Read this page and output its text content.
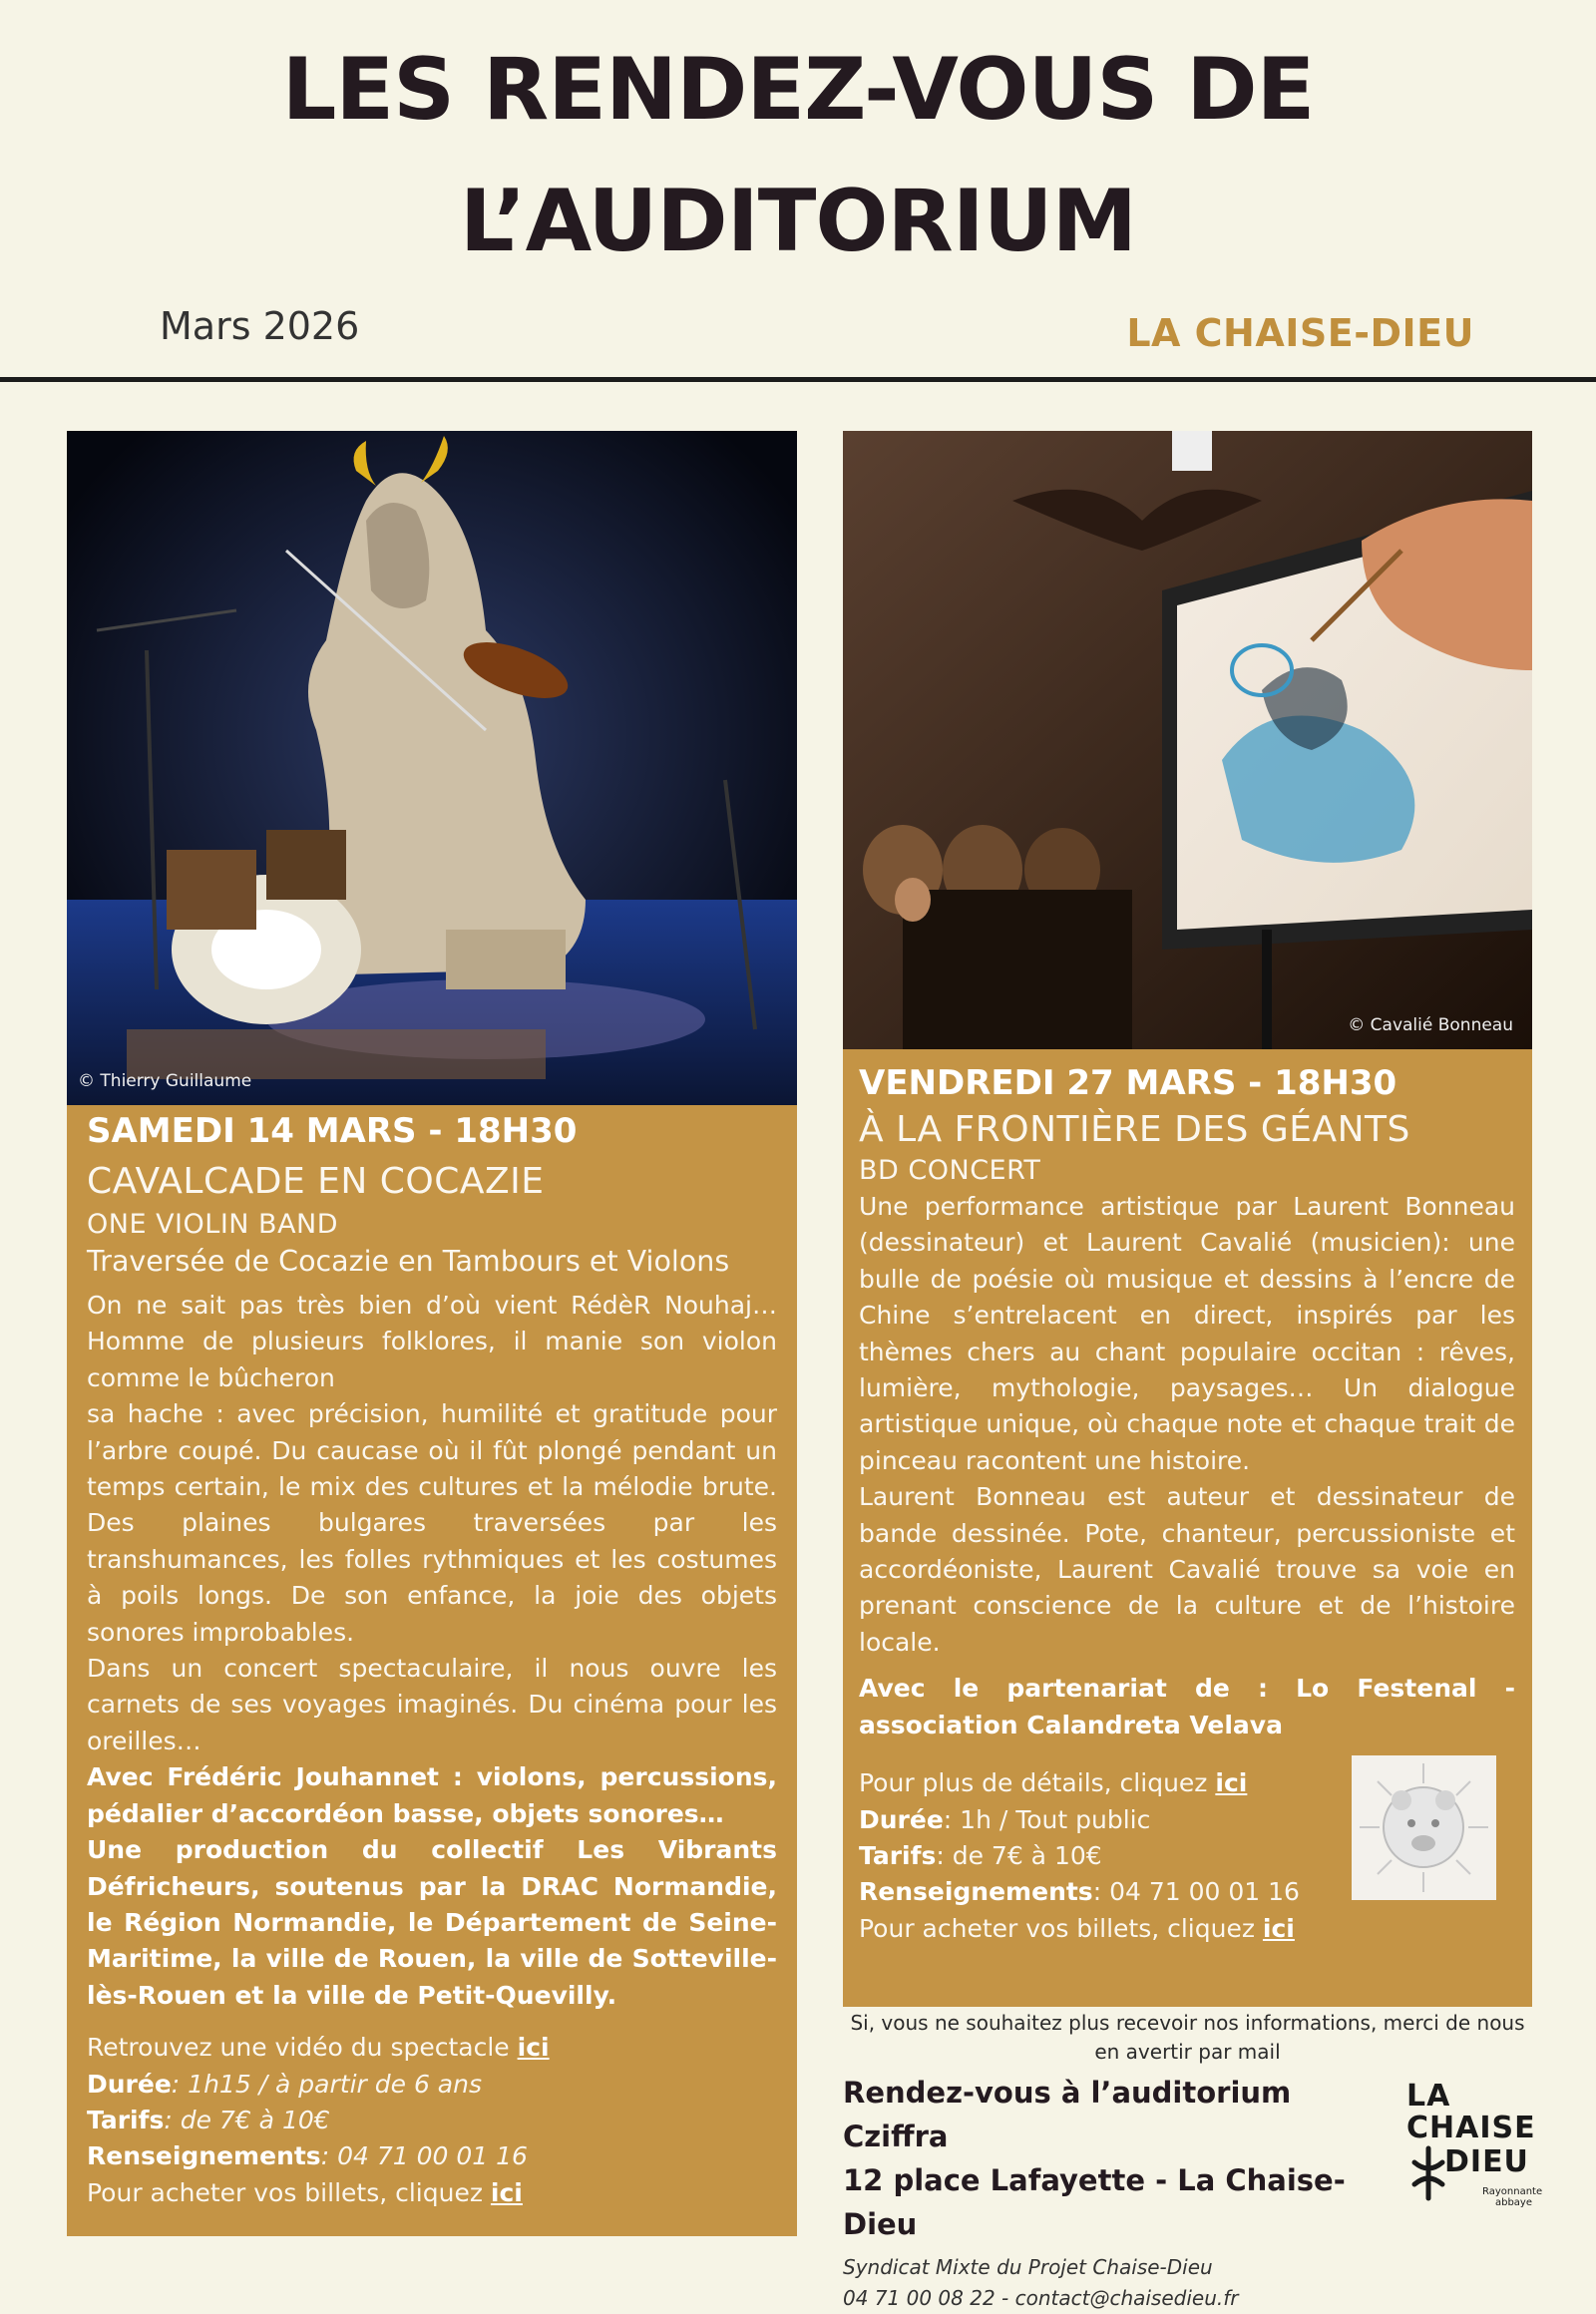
LES RENDEZ-VOUS DE
L’AUDITORIUM
Mars 2026	LA CHAISE-DIEU
© Thierry Guillaume
SAMEDI 14 MARS - 18H30
CAVALCADE EN COCAZIE
ONE VIOLIN BAND
Traversée de Cocazie en Tambours et Violons
On ne sait pas très bien d’où vient RédèR Nouhaj… Homme de plusieurs folklores, il manie son violon comme le bûcheron
sa hache : avec précision, humilité et gratitude pour l’arbre coupé. Du caucase où il fût plongé pendant un temps certain, le mix des cultures et la mélodie brute. Des plaines bulgares traversées par les transhumances, les folles rythmiques et les costumes à poils longs. De son enfance, la joie des objets sonores improbables.
Dans un concert spectaculaire, il nous ouvre les carnets de ses voyages imaginés. Du cinéma pour les oreilles…
Avec Frédéric Jouhannet : violons, percussions, pédalier d’accordéon basse, objets sonores…
Une production du collectif Les Vibrants Défricheurs, soutenus par la DRAC Normandie, le Région Normandie, le Département de Seine-Maritime, la ville de Rouen, la ville de Sotteville-lès-Rouen et la ville de Petit-Quevilly.
Retrouvez une vidéo du spectacle ici
Durée: 1h15 / à partir de 6 ans
Tarifs: de 7€ à 10€
Renseignements: 04 71 00 01 16
Pour acheter vos billets, cliquez ici
© Cavalié Bonneau
VENDREDI 27 MARS - 18H30
À LA FRONTIÈRE DES GÉANTS
BD CONCERT
Une performance artistique par Laurent Bonneau (dessinateur) et Laurent Cavalié (musicien): une bulle de poésie où musique et dessins à l’encre de Chine s’entrelacent en direct, inspirés par les thèmes chers au chant populaire occitan : rêves, lumière, mythologie, paysages… Un dialogue artistique unique, où chaque note et chaque trait de pinceau racontent une histoire.
Laurent Bonneau est auteur et dessinateur de bande dessinée. Pote, chanteur, percussioniste et accordéoniste, Laurent Cavalié trouve sa voie en prenant conscience de la culture et de l’histoire locale.
Avec le partenariat de : Lo Festenal - association Calandreta Velava
Pour plus de détails, cliquez ici
Durée: 1h / Tout public
Tarifs: de 7€ à 10€
Renseignements: 04 71 00 01 16
Pour acheter vos billets, cliquez ici
Si, vous ne souhaitez plus recevoir nos informations, merci de nous en avertir par mail
Rendez-vous à l’auditorium Cziffra
12 place Lafayette - La Chaise-Dieu
Syndicat Mixte du Projet Chaise-Dieu
04 71 00 08 22 - contact@chaisedieu.fr
LA
CHAISE
DIEU
Rayonnante
abbaye
